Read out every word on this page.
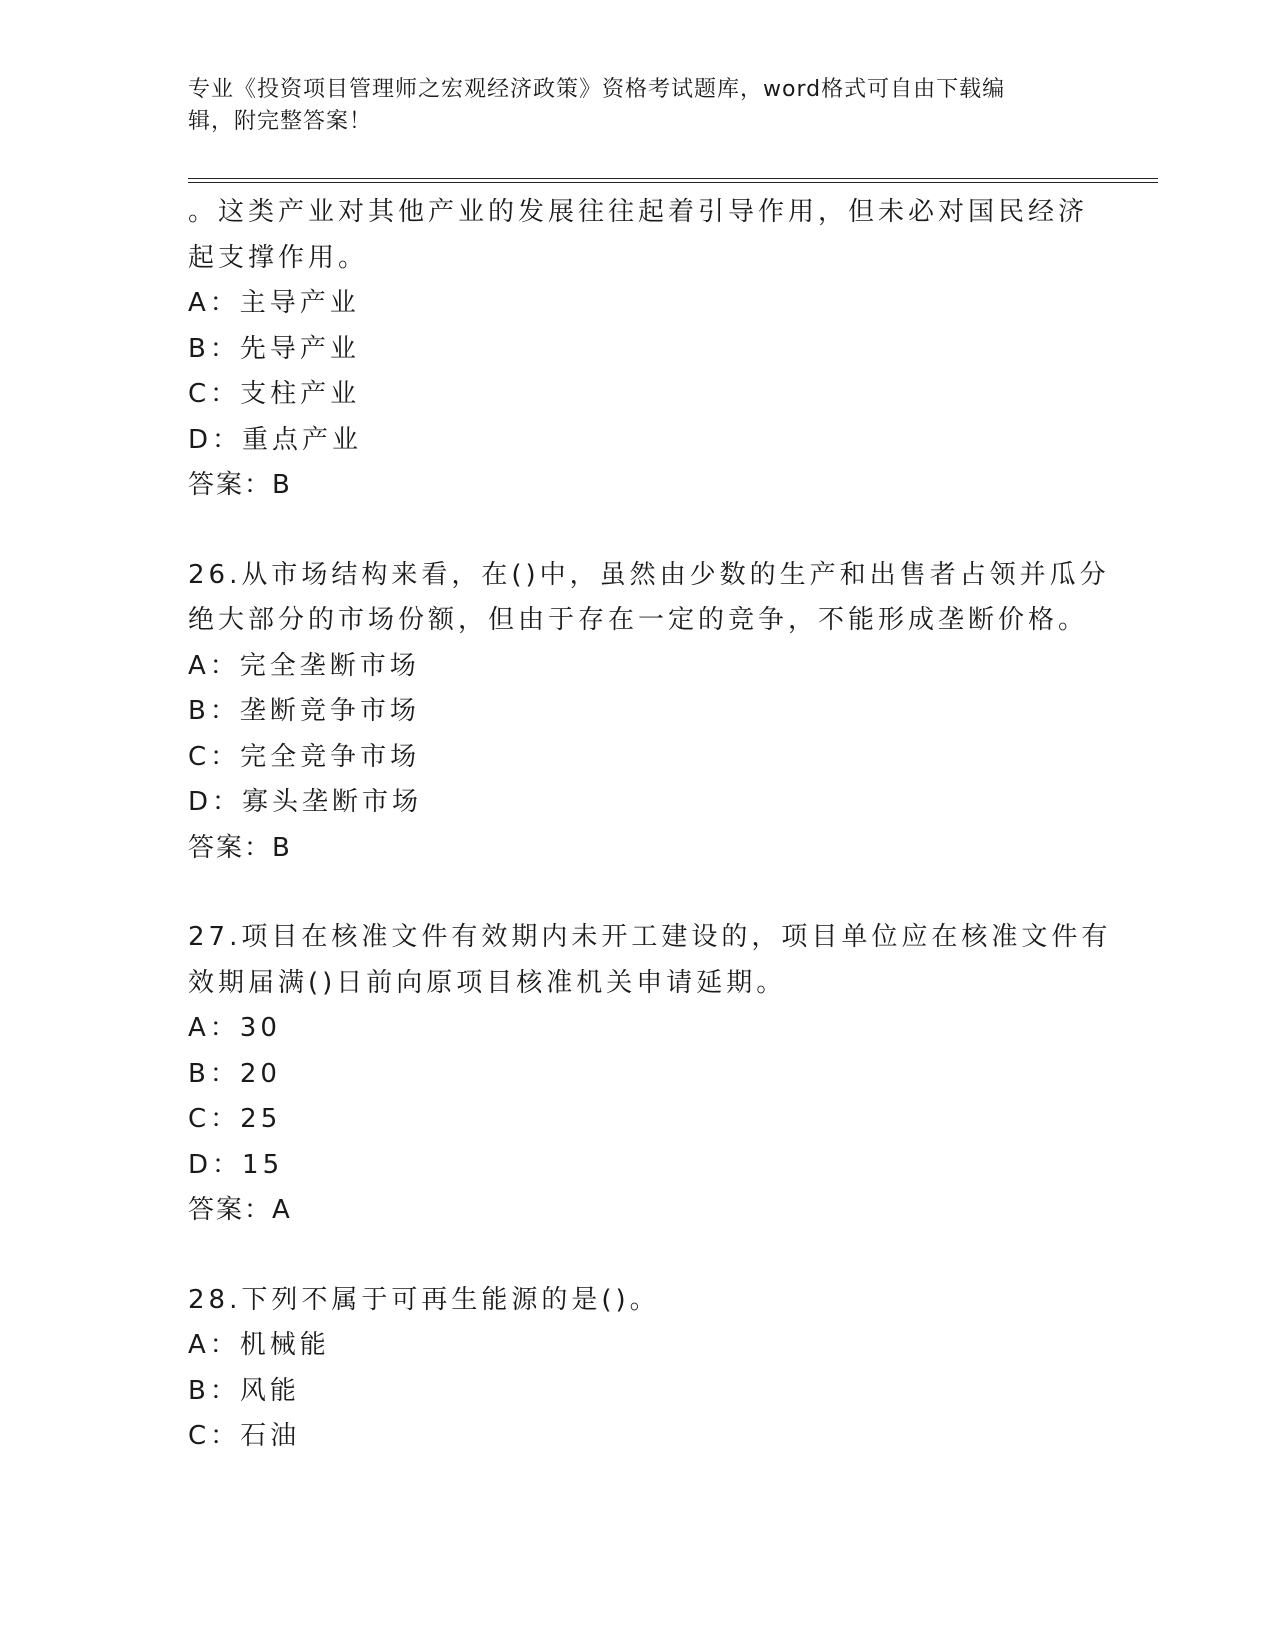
专业《投资项目管理师之宏观经济政策》资格考试题库，word格式可自由下载编
辑，附完整答案！
。这类产业对其他产业的发展往往起着引导作用，但未必对国民经济
起支撑作用。
A：主导产业
B：先导产业
C：支柱产业
D：重点产业
答案：B
26.从市场结构来看，在()中，虽然由少数的生产和出售者占领并瓜分
绝大部分的市场份额，但由于存在一定的竞争，不能形成垄断价格。
A：完全垄断市场
B：垄断竞争市场
C：完全竞争市场
D：寡头垄断市场
答案：B
27.项目在核准文件有效期内未开工建设的，项目单位应在核准文件有
效期届满()日前向原项目核准机关申请延期。
A：30
B：20
C：25
D：15
答案：A
28.下列不属于可再生能源的是()。
A：机械能
B：风能
C：石油
